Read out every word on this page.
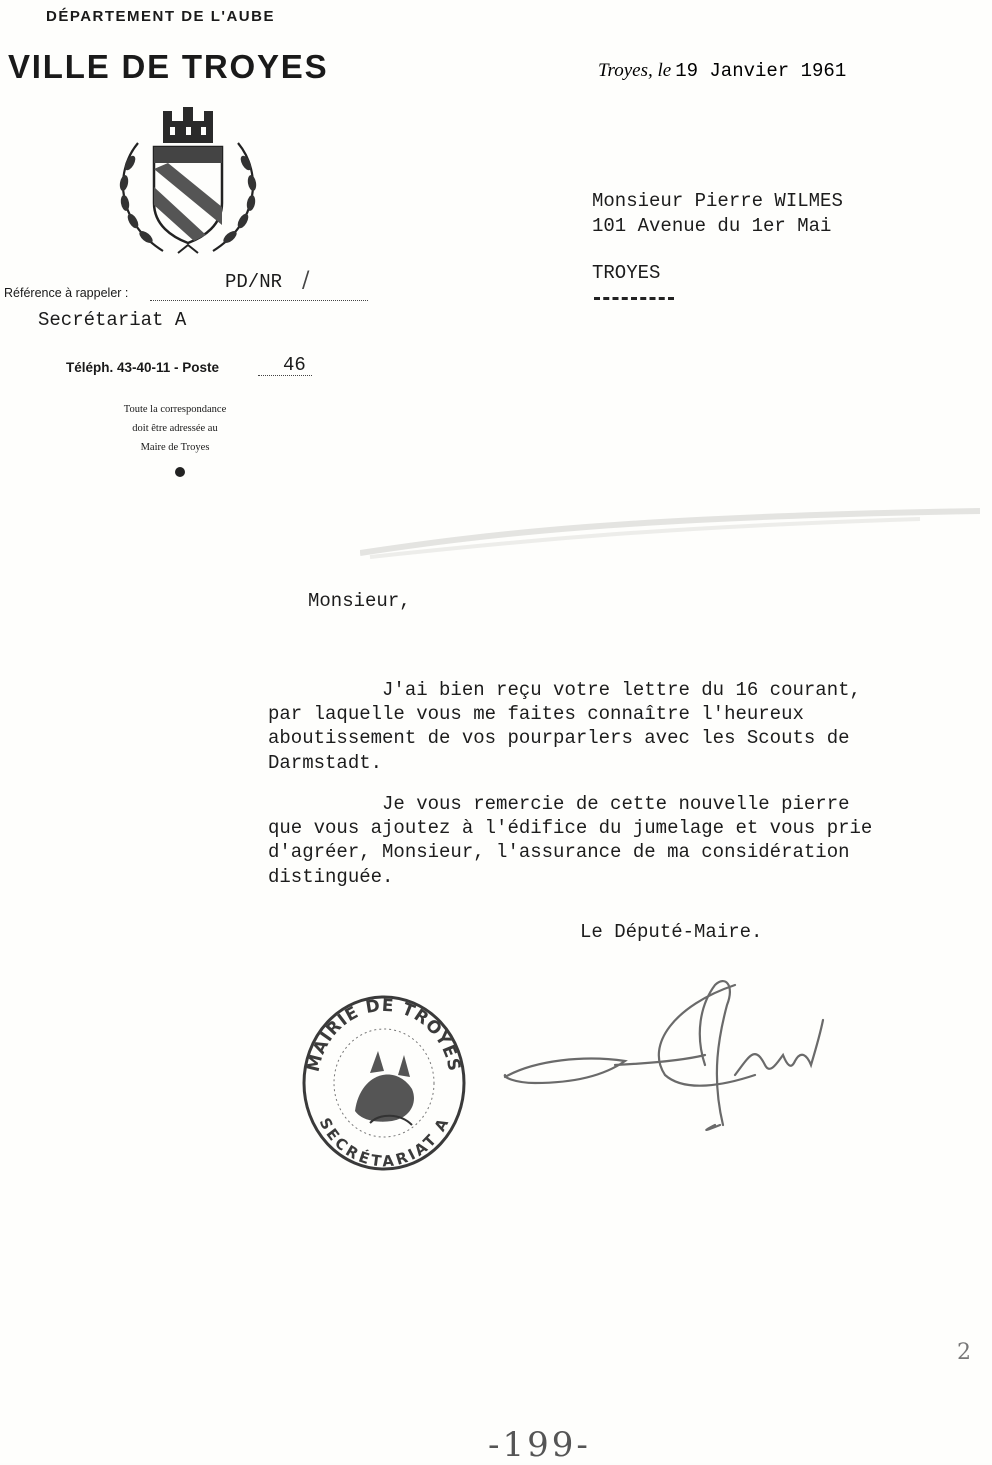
DÉPARTEMENT DE L'AUBE
VILLE DE TROYES	Troyes, le 19 Janvier 1961
Monsieur Pierre WILMES
101 Avenue du 1er Mai
TROYES
Référence à rappeler :	PD/NR /
Secrétariat A
Téléph. 43-40-11 - Poste	46
Toute la correspondance
doit être adressée au
Maire de Troyes
Monsieur,
J'ai bien reçu votre lettre du 16 courant,
par laquelle vous me faites connaître l'heureux
aboutissement de vos pourparlers avec les Scouts de
Darmstadt.
Je vous remercie de cette nouvelle pierre
que vous ajoutez à l'édifice du jumelage et vous prie
d'agréer, Monsieur, l'assurance de ma considération
distinguée.
Le Député-Maire.
MAIRIE DE TROYES
SECRÉTARIAT A
2
-199-
